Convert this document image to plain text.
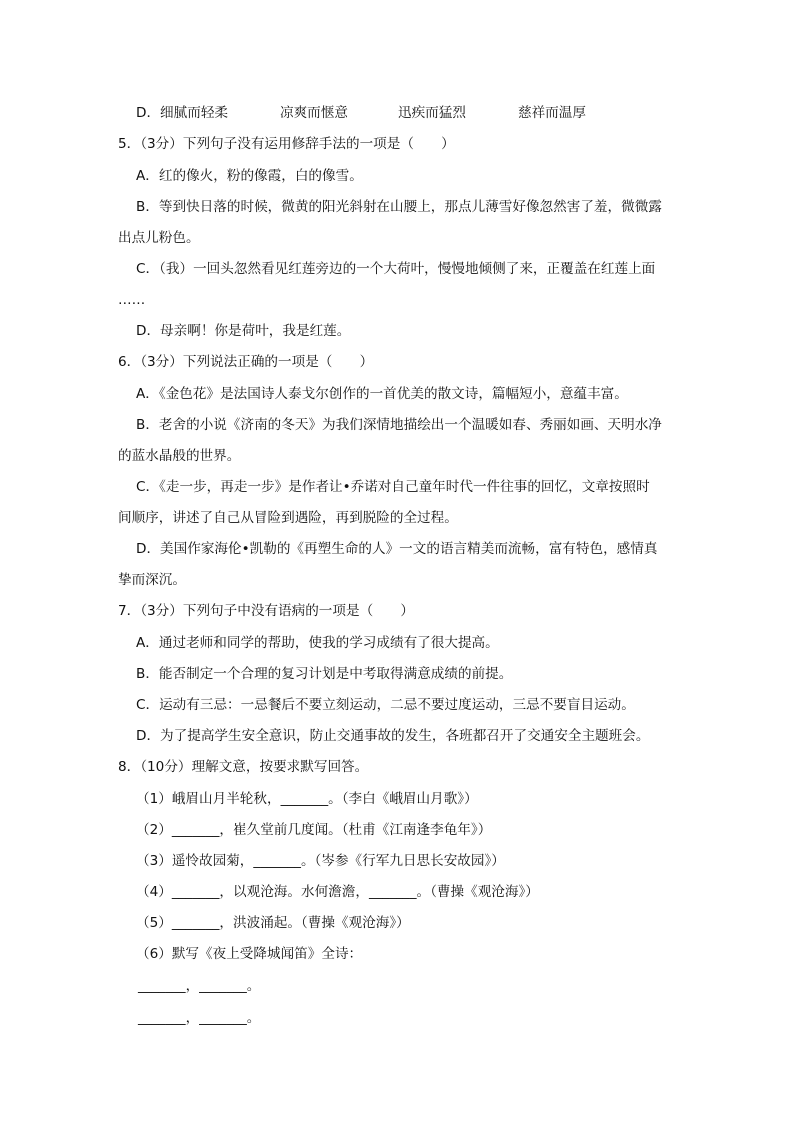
D．细腻而轻柔	凉爽而惬意	迅疾而猛烈	慈祥而温厚
5．（3分）下列句子没有运用修辞手法的一项是（　　）
A．红的像火，粉的像霞，白的像雪。
B．等到快日落的时候，微黄的阳光斜射在山腰上，那点儿薄雪好像忽然害了羞，微微露
出点儿粉色。
C．（我）一回头忽然看见红莲旁边的一个大荷叶，慢慢地倾侧了来，正覆盖在红莲上面
……
D．母亲啊！你是荷叶，我是红莲。
6．（3分）下列说法正确的一项是（　　）
A．《金色花》是法国诗人泰戈尔创作的一首优美的散文诗，篇幅短小，意蕴丰富。
B．老舍的小说《济南的冬天》为我们深情地描绘出一个温暖如春、秀丽如画、天明水净
的蓝水晶般的世界。
C．《走一步，再走一步》是作者让•乔诺对自己童年时代一件往事的回忆，文章按照时
间顺序，讲述了自己从冒险到遇险，再到脱险的全过程。
D．美国作家海伦•凯勒的《再塑生命的人》一文的语言精美而流畅，富有特色，感情真
挚而深沉。
7．（3分）下列句子中没有语病的一项是（　　）
A．通过老师和同学的帮助，使我的学习成绩有了很大提高。
B．能否制定一个合理的复习计划是中考取得满意成绩的前提。
C．运动有三忌：一忌餐后不要立刻运动，二忌不要过度运动，三忌不要盲目运动。
D．为了提高学生安全意识，防止交通事故的发生，各班都召开了交通安全主题班会。
8．（10分）理解文意，按要求默写回答。
（1）峨眉山月半轮秋，_______。（李白《峨眉山月歌》）
（2）_______，崔久堂前几度闻。（杜甫《江南逢李龟年》）
（3）遥怜故园菊，_______。（岑参《行军九日思长安故园》）
（4）_______，以观沧海。水何澹澹，_______。（曹操《观沧海》）
（5）_______，洪波涌起。（曹操《观沧海》）
（6）默写《夜上受降城闻笛》全诗：
_______，_______。
_______，_______。
